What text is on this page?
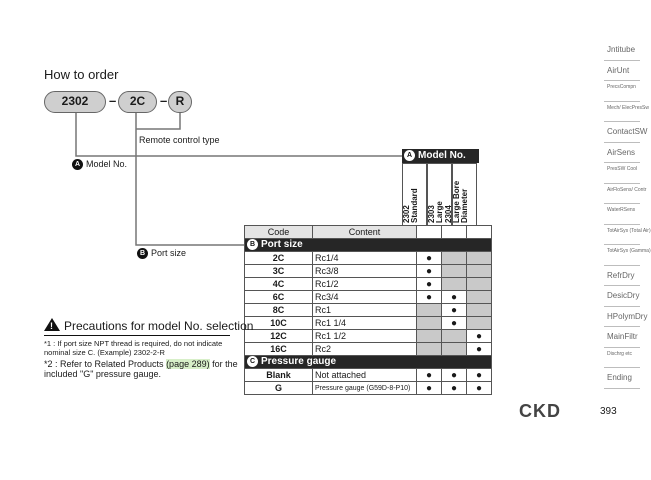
How to order
2302	–	2C	– R
Remote control type
A Model No.
B Port size
A Model No.
2302
Standard 2303
Large 2304
Large Bore
Diameter
Code	Content			
B Port size				
2C	Rc1/4	●		
3C	Rc3/8	●		
4C	Rc1/2	●		
6C	Rc3/4	●	●	
8C	Rc1		●	
10C	Rc1 1/4		●	
12C	Rc1 1/2			●
16C	Rc2			●
C Pressure gauge				
Blank	Not attached	●	●	●
G	Pressure gauge (G59D-8-P10)	●	●	●
! Precautions for model No. selection
*1 : If port size NPT thread is required, do not indicate nominal size C. (Example) 2302-2-R
*2 : Refer to Related Products (page 289) for the included "G" pressure gauge.
Jntitube
AirUnt
PrecsCompn
Mech/ ElecPresSw
ContactSW
AirSens
PresSW Cool
AirFloSens/ Contr
WaterRSens
TotAirSys (Total Air)
TotAirSys (Gamma)
RefrDry
DesicDry
HPolymDry
MainFiltr
Dischrg etc
Ending
CKD	393
